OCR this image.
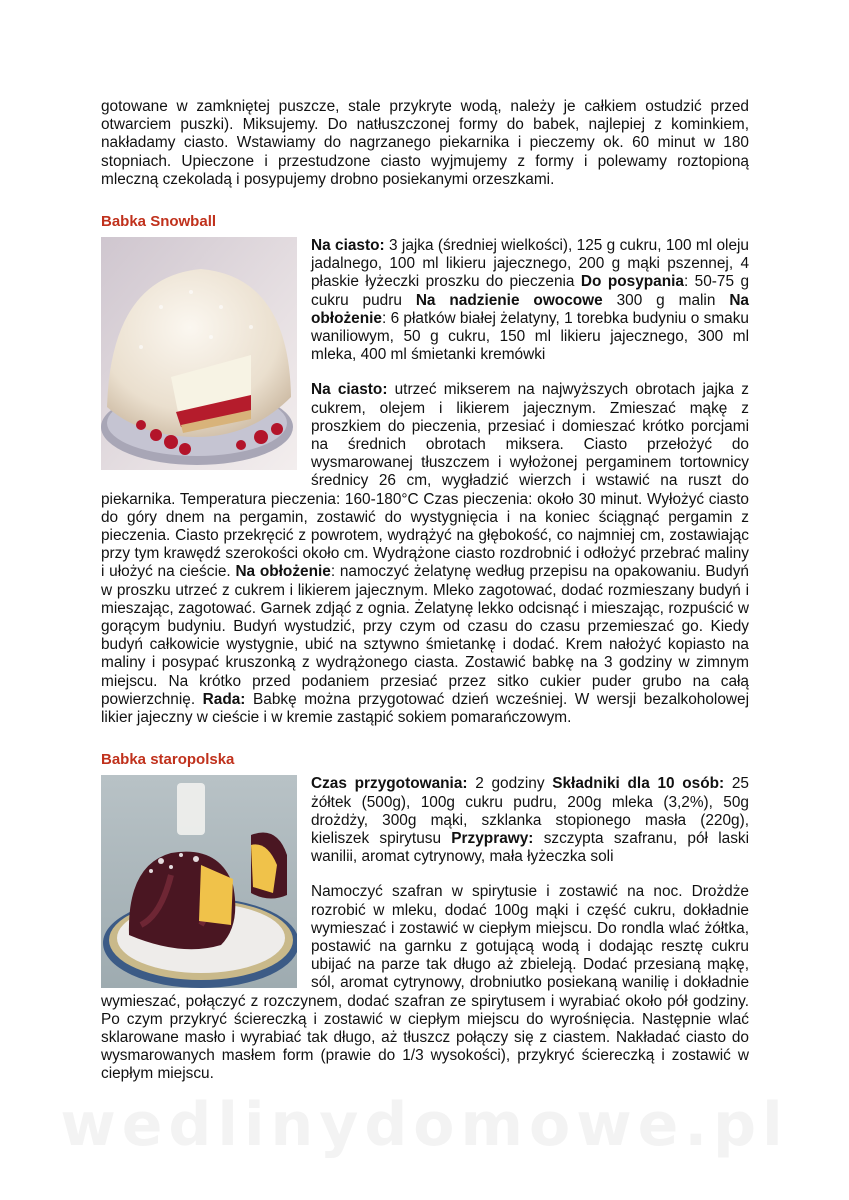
gotowane w zamkniętej puszcze, stale przykryte wodą, należy je całkiem ostudzić przed otwarciem puszki). Miksujemy. Do natłuszczonej formy do babek, najlepiej z kominkiem, nakładamy ciasto. Wstawiamy do nagrzanego piekarnika i pieczemy ok. 60 minut w 180 stopniach. Upieczone i przestudzone ciasto wyjmujemy z formy i polewamy roztopioną mleczną czekoladą i posypujemy drobno posiekanymi orzeszkami.

Babka Snowball

Na ciasto: 3 jajka (średniej wielkości), 125 g cukru, 100 ml oleju jadalnego, 100 ml likieru jajecznego, 200 g mąki pszennej, 4 płaskie łyżeczki proszku do pieczenia Do posypania: 50-75 g cukru pudru Na nadzienie owocowe 300 g malin Na obłożenie: 6 płatków białej żelatyny, 1 torebka budyniu o smaku waniliowym, 50 g cukru, 150 ml likieru jajecznego, 300 ml mleka, 400 ml śmietanki kremówki

Na ciasto: utrzeć mikserem na najwyższych obrotach jajka z cukrem, olejem i likierem jajecznym. Zmieszać mąkę z proszkiem do pieczenia, przesiać i domieszać krótko porcjami na średnich obrotach miksera. Ciasto przełożyć do wysmarowanej tłuszczem i wyłożonej pergaminem tortownicy średnicy 26 cm, wygładzić wierzch i wstawić na ruszt do piekarnika. Temperatura pieczenia: 160-180°C Czas pieczenia: około 30 minut. Wyłożyć ciasto do góry dnem na pergamin, zostawić do wystygnięcia i na koniec ściągnąć pergamin z pieczenia. Ciasto przekręcić z powrotem, wydrążyć na głębokość, co najmniej cm, zostawiając przy tym krawędź szerokości około cm. Wydrążone ciasto rozdrobnić i odłożyć przebrać maliny i ułożyć na cieście. Na obłożenie: namoczyć żelatynę według przepisu na opakowaniu. Budyń w proszku utrzeć z cukrem i likierem jajecznym. Mleko zagotować, dodać rozmieszany budyń i mieszając, zagotować. Garnek zdjąć z ognia. Żelatynę lekko odcisnąć i mieszając, rozpuścić w gorącym budyniu. Budyń wystudzić, przy czym od czasu do czasu przemieszać go. Kiedy budyń całkowicie wystygnie, ubić na sztywno śmietankę i dodać. Krem nałożyć kopiasto na maliny i posypać kruszonką z wydrążonego ciasta. Zostawić babkę na 3 godziny w zimnym miejscu. Na krótko przed podaniem przesiać przez sitko cukier puder grubo na całą powierzchnię. Rada: Babkę można przygotować dzień wcześniej. W wersji bezalkoholowej likier jajeczny w cieście i w kremie zastąpić sokiem pomarańczowym.

Babka staropolska

Czas przygotowania: 2 godziny Składniki dla 10 osób: 25 żółtek (500g), 100g cukru pudru, 200g mleka (3,2%), 50g drożdży, 300g mąki, szklanka stopionego masła (220g), kieliszek spirytusu Przyprawy: szczypta szafranu, pół laski wanilii, aromat cytrynowy, mała łyżeczka soli

Namoczyć szafran w spirytusie i zostawić na noc. Drożdże rozrobić w mleku, dodać 100g mąki i część cukru, dokładnie wymieszać i zostawić w ciepłym miejscu. Do rondla wlać żółtka, postawić na garnku z gotującą wodą i dodając resztę cukru ubijać na parze tak długo aż zbieleją. Dodać przesianą mąkę, sól, aromat cytrynowy, drobniutko posiekaną wanilię i dokładnie wymieszać, połączyć z rozczynem, dodać szafran ze spirytusem i wyrabiać około pół godziny. Po czym przykryć ściereczką i zostawić w ciepłym miejscu do wyrośnięcia. Następnie wlać sklarowane masło i wyrabiać tak długo, aż tłuszcz połączy się z ciastem. Nakładać ciasto do wysmarowanych masłem form (prawie do 1/3 wysokości), przykryć ściereczką i zostawić w ciepłym miejscu.

wedlinydomowe.pl
